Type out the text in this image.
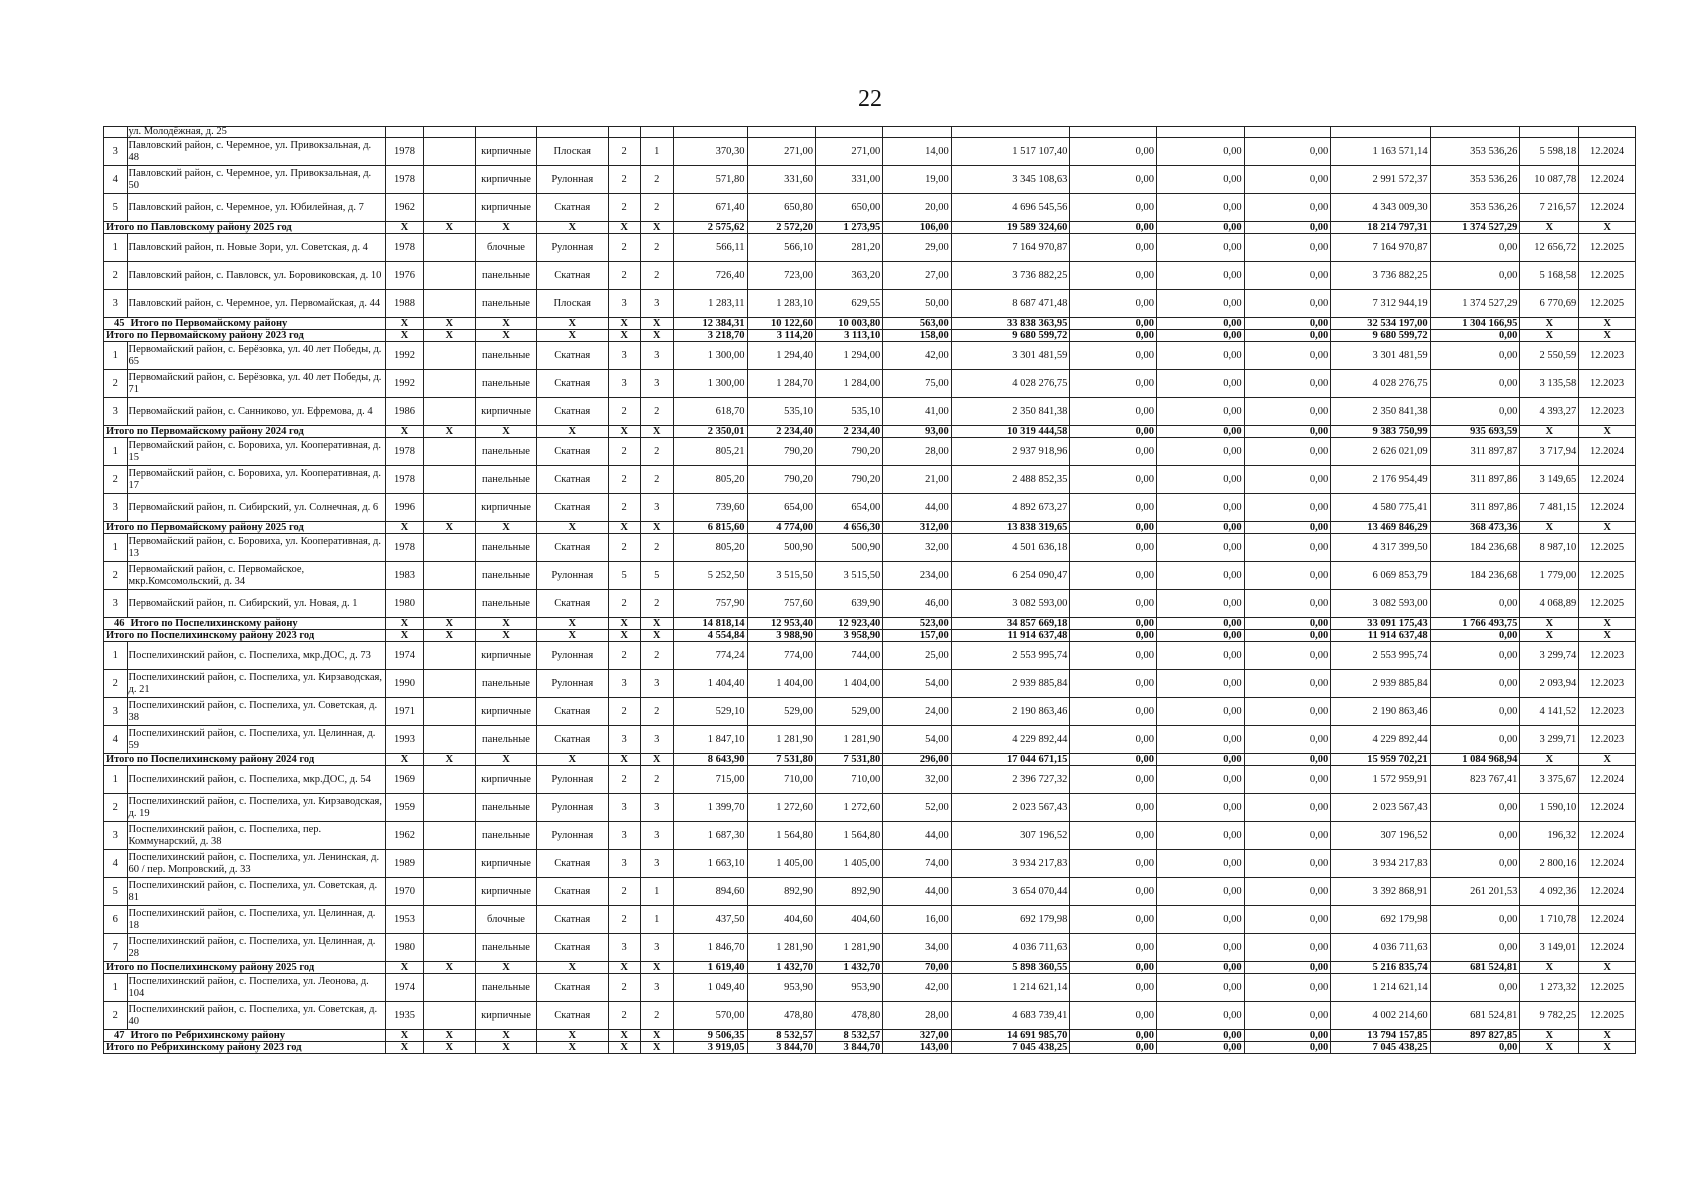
22
	ул. Молодёжная, д. 25																		
3	Павловский район, с. Черемное, ул. Привокзальная, д. 48	1978		кирпичные	Плоская	2	1	370,30	271,00	271,00	14,00	1 517 107,40	0,00	0,00	0,00	1 163 571,14	353 536,26	5 598,18	12.2024
4	Павловский район, с. Черемное, ул. Привокзальная, д. 50	1978		кирпичные	Рулонная	2	2	571,80	331,60	331,00	19,00	3 345 108,63	0,00	0,00	0,00	2 991 572,37	353 536,26	10 087,78	12.2024
5	Павловский район, с. Черемное, ул. Юбилейная, д. 7	1962		кирпичные	Скатная	2	2	671,40	650,80	650,00	20,00	4 696 545,56	0,00	0,00	0,00	4 343 009,30	353 536,26	7 216,57	12.2024
Итого по Павловскому району 2025 год		X	X	X	X	X	X	2 575,62	2 572,20	1 273,95	106,00	19 589 324,60	0,00	0,00	0,00	18 214 797,31	1 374 527,29	X	X
1	Павловский район, п. Новые Зори, ул. Советская, д. 4	1978		блочные	Рулонная	2	2	566,11	566,10	281,20	29,00	7 164 970,87	0,00	0,00	0,00	7 164 970,87	0,00	12 656,72	12.2025
2	Павловский район, с. Павловск, ул. Боровиковская, д. 10	1976		панельные	Скатная	2	2	726,40	723,00	363,20	27,00	3 736 882,25	0,00	0,00	0,00	3 736 882,25	0,00	5 168,58	12.2025
3	Павловский район, с. Черемное, ул. Первомайская, д. 44	1988		панельные	Плоская	3	3	1 283,11	1 283,10	629,55	50,00	8 687 471,48	0,00	0,00	0,00	7 312 944,19	1 374 527,29	6 770,69	12.2025
45 Итого по Первомайскому району		X	X	X	X	X	X	12 384,31	10 122,60	10 003,80	563,00	33 838 363,95	0,00	0,00	0,00	32 534 197,00	1 304 166,95	X	X
Итого по Первомайскому району 2023 год		X	X	X	X	X	X	3 218,70	3 114,20	3 113,10	158,00	9 680 599,72	0,00	0,00	0,00	9 680 599,72	0,00	X	X
1	Первомайский район, с. Берёзовка, ул. 40 лет Победы, д. 65	1992		панельные	Скатная	3	3	1 300,00	1 294,40	1 294,00	42,00	3 301 481,59	0,00	0,00	0,00	3 301 481,59	0,00	2 550,59	12.2023
2	Первомайский район, с. Берёзовка, ул. 40 лет Победы, д. 71	1992		панельные	Скатная	3	3	1 300,00	1 284,70	1 284,00	75,00	4 028 276,75	0,00	0,00	0,00	4 028 276,75	0,00	3 135,58	12.2023
3	Первомайский район, с. Санниково, ул. Ефремова, д. 4	1986		кирпичные	Скатная	2	2	618,70	535,10	535,10	41,00	2 350 841,38	0,00	0,00	0,00	2 350 841,38	0,00	4 393,27	12.2023
Итого по Первомайскому району 2024 год		X	X	X	X	X	X	2 350,01	2 234,40	2 234,40	93,00	10 319 444,58	0,00	0,00	0,00	9 383 750,99	935 693,59	X	X
1	Первомайский район, с. Боровиха, ул. Кооперативная, д. 15	1978		панельные	Скатная	2	2	805,21	790,20	790,20	28,00	2 937 918,96	0,00	0,00	0,00	2 626 021,09	311 897,87	3 717,94	12.2024
2	Первомайский район, с. Боровиха, ул. Кооперативная, д. 17	1978		панельные	Скатная	2	2	805,20	790,20	790,20	21,00	2 488 852,35	0,00	0,00	0,00	2 176 954,49	311 897,86	3 149,65	12.2024
3	Первомайский район, п. Сибирский, ул. Солнечная, д. 6	1996		кирпичные	Скатная	2	3	739,60	654,00	654,00	44,00	4 892 673,27	0,00	0,00	0,00	4 580 775,41	311 897,86	7 481,15	12.2024
Итого по Первомайскому району 2025 год		X	X	X	X	X	X	6 815,60	4 774,00	4 656,30	312,00	13 838 319,65	0,00	0,00	0,00	13 469 846,29	368 473,36	X	X
1	Первомайский район, с. Боровиха, ул. Кооперативная, д. 13	1978		панельные	Скатная	2	2	805,20	500,90	500,90	32,00	4 501 636,18	0,00	0,00	0,00	4 317 399,50	184 236,68	8 987,10	12.2025
2	Первомайский район, с. Первомайское, мкр.Комсомольский, д. 34	1983		панельные	Рулонная	5	5	5 252,50	3 515,50	3 515,50	234,00	6 254 090,47	0,00	0,00	0,00	6 069 853,79	184 236,68	1 779,00	12.2025
3	Первомайский район, п. Сибирский, ул. Новая, д. 1	1980		панельные	Скатная	2	2	757,90	757,60	639,90	46,00	3 082 593,00	0,00	0,00	0,00	3 082 593,00	0,00	4 068,89	12.2025
46 Итого по Поспелихинскому району		X	X	X	X	X	X	14 818,14	12 953,40	12 923,40	523,00	34 857 669,18	0,00	0,00	0,00	33 091 175,43	1 766 493,75	X	X
Итого по Поспелихинскому району 2023 год		X	X	X	X	X	X	4 554,84	3 988,90	3 958,90	157,00	11 914 637,48	0,00	0,00	0,00	11 914 637,48	0,00	X	X
1	Поспелихинский район, с. Поспелиха, мкр.ДОС, д. 73	1974		кирпичные	Рулонная	2	2	774,24	774,00	744,00	25,00	2 553 995,74	0,00	0,00	0,00	2 553 995,74	0,00	3 299,74	12.2023
2	Поспелихинский район, с. Поспелиха, ул. Кирзаводская, д. 21	1990		панельные	Рулонная	3	3	1 404,40	1 404,00	1 404,00	54,00	2 939 885,84	0,00	0,00	0,00	2 939 885,84	0,00	2 093,94	12.2023
3	Поспелихинский район, с. Поспелиха, ул. Советская, д. 38	1971		кирпичные	Скатная	2	2	529,10	529,00	529,00	24,00	2 190 863,46	0,00	0,00	0,00	2 190 863,46	0,00	4 141,52	12.2023
4	Поспелихинский район, с. Поспелиха, ул. Целинная, д. 59	1993		панельные	Скатная	3	3	1 847,10	1 281,90	1 281,90	54,00	4 229 892,44	0,00	0,00	0,00	4 229 892,44	0,00	3 299,71	12.2023
Итого по Поспелихинскому району 2024 год		X	X	X	X	X	X	8 643,90	7 531,80	7 531,80	296,00	17 044 671,15	0,00	0,00	0,00	15 959 702,21	1 084 968,94	X	X
1	Поспелихинский район, с. Поспелиха, мкр.ДОС, д. 54	1969		кирпичные	Рулонная	2	2	715,00	710,00	710,00	32,00	2 396 727,32	0,00	0,00	0,00	1 572 959,91	823 767,41	3 375,67	12.2024
2	Поспелихинский район, с. Поспелиха, ул. Кирзаводская, д. 19	1959		панельные	Рулонная	3	3	1 399,70	1 272,60	1 272,60	52,00	2 023 567,43	0,00	0,00	0,00	2 023 567,43	0,00	1 590,10	12.2024
3	Поспелихинский район, с. Поспелиха, пер. Коммунарский, д. 38	1962		панельные	Рулонная	3	3	1 687,30	1 564,80	1 564,80	44,00	307 196,52	0,00	0,00	0,00	307 196,52	0,00	196,32	12.2024
4	Поспелихинский район, с. Поспелиха, ул. Ленинская, д. 60 / пер. Мопровский, д. 33	1989		кирпичные	Скатная	3	3	1 663,10	1 405,00	1 405,00	74,00	3 934 217,83	0,00	0,00	0,00	3 934 217,83	0,00	2 800,16	12.2024
5	Поспелихинский район, с. Поспелиха, ул. Советская, д. 81	1970		кирпичные	Скатная	2	1	894,60	892,90	892,90	44,00	3 654 070,44	0,00	0,00	0,00	3 392 868,91	261 201,53	4 092,36	12.2024
6	Поспелихинский район, с. Поспелиха, ул. Целинная, д. 18	1953		блочные	Скатная	2	1	437,50	404,60	404,60	16,00	692 179,98	0,00	0,00	0,00	692 179,98	0,00	1 710,78	12.2024
7	Поспелихинский район, с. Поспелиха, ул. Целинная, д. 28	1980		панельные	Скатная	3	3	1 846,70	1 281,90	1 281,90	34,00	4 036 711,63	0,00	0,00	0,00	4 036 711,63	0,00	3 149,01	12.2024
Итого по Поспелихинскому району 2025 год		X	X	X	X	X	X	1 619,40	1 432,70	1 432,70	70,00	5 898 360,55	0,00	0,00	0,00	5 216 835,74	681 524,81	X	X
1	Поспелихинский район, с. Поспелиха, ул. Леонова, д. 104	1974		панельные	Скатная	2	3	1 049,40	953,90	953,90	42,00	1 214 621,14	0,00	0,00	0,00	1 214 621,14	0,00	1 273,32	12.2025
2	Поспелихинский район, с. Поспелиха, ул. Советская, д. 40	1935		кирпичные	Скатная	2	2	570,00	478,80	478,80	28,00	4 683 739,41	0,00	0,00	0,00	4 002 214,60	681 524,81	9 782,25	12.2025
47 Итого по Ребрихинскому району		X	X	X	X	X	X	9 506,35	8 532,57	8 532,57	327,00	14 691 985,70	0,00	0,00	0,00	13 794 157,85	897 827,85	X	X
Итого по Ребрихинскому району 2023 год		X	X	X	X	X	X	3 919,05	3 844,70	3 844,70	143,00	7 045 438,25	0,00	0,00	0,00	7 045 438,25	0,00	X	X
